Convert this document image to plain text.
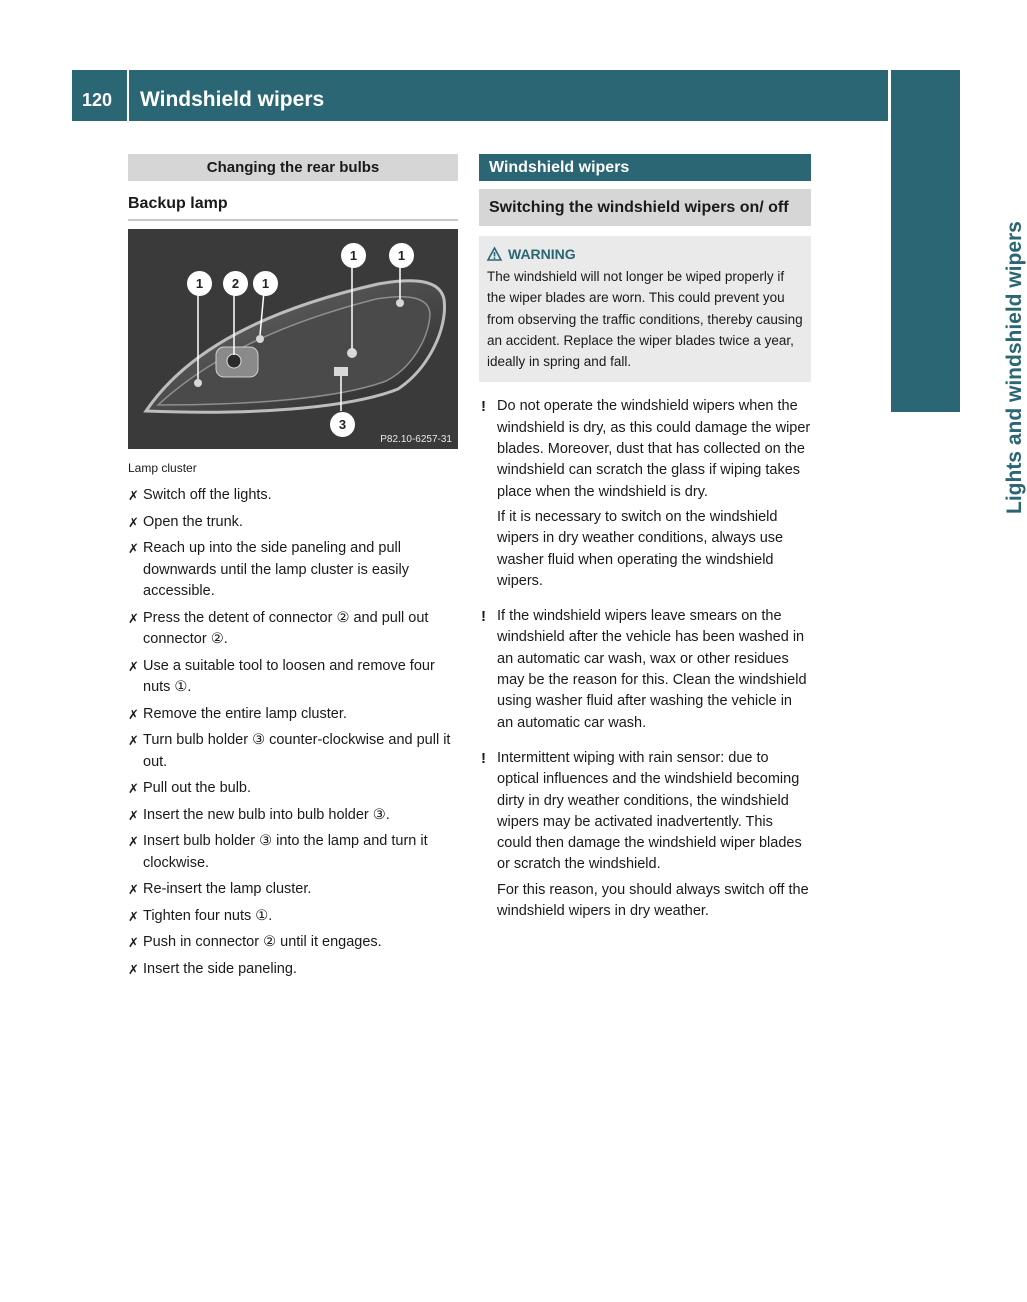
120 Windshield wipers
Lights and windshield wipers
Changing the rear bulbs
Backup lamp
1	2	1
1	1
3
P82.10-6257-31
Lamp cluster
✗ Switch off the lights.
✗ Open the trunk.
✗ Reach up into the side paneling and pull downwards until the lamp cluster is easily accessible.
✗ Press the detent of connector ② and pull out connector ②.
✗ Use a suitable tool to loosen and remove four nuts ①.
✗ Remove the entire lamp cluster.
✗ Turn bulb holder ③ counter-clockwise and pull it out.
✗ Pull out the bulb.
✗ Insert the new bulb into bulb holder ③.
✗ Insert bulb holder ③ into the lamp and turn it clockwise.
✗ Re-insert the lamp cluster.
✗ Tighten four nuts ①.
✗ Push in connector ② until it engages.
✗ Insert the side paneling.
Windshield wipers
Switching the windshield wipers on/ off
WARNING
The windshield will not longer be wiped properly if the wiper blades are worn. This could prevent you from observing the traffic conditions, thereby causing an accident. Replace the wiper blades twice a year, ideally in spring and fall.
! Do not operate the windshield wipers when the windshield is dry, as this could damage the wiper blades. Moreover, dust that has collected on the windshield can scratch the glass if wiping takes place when the windshield is dry.

If it is necessary to switch on the windshield wipers in dry weather conditions, always use washer fluid when operating the windshield wipers.

! If the windshield wipers leave smears on the windshield after the vehicle has been washed in an automatic car wash, wax or other residues may be the reason for this. Clean the windshield using washer fluid after washing the vehicle in an automatic car wash.

! Intermittent wiping with rain sensor: due to optical influences and the windshield becoming dirty in dry weather conditions, the windshield wipers may be activated inadvertently. This could then damage the windshield wiper blades or scratch the windshield.

For this reason, you should always switch off the windshield wipers in dry weather.
